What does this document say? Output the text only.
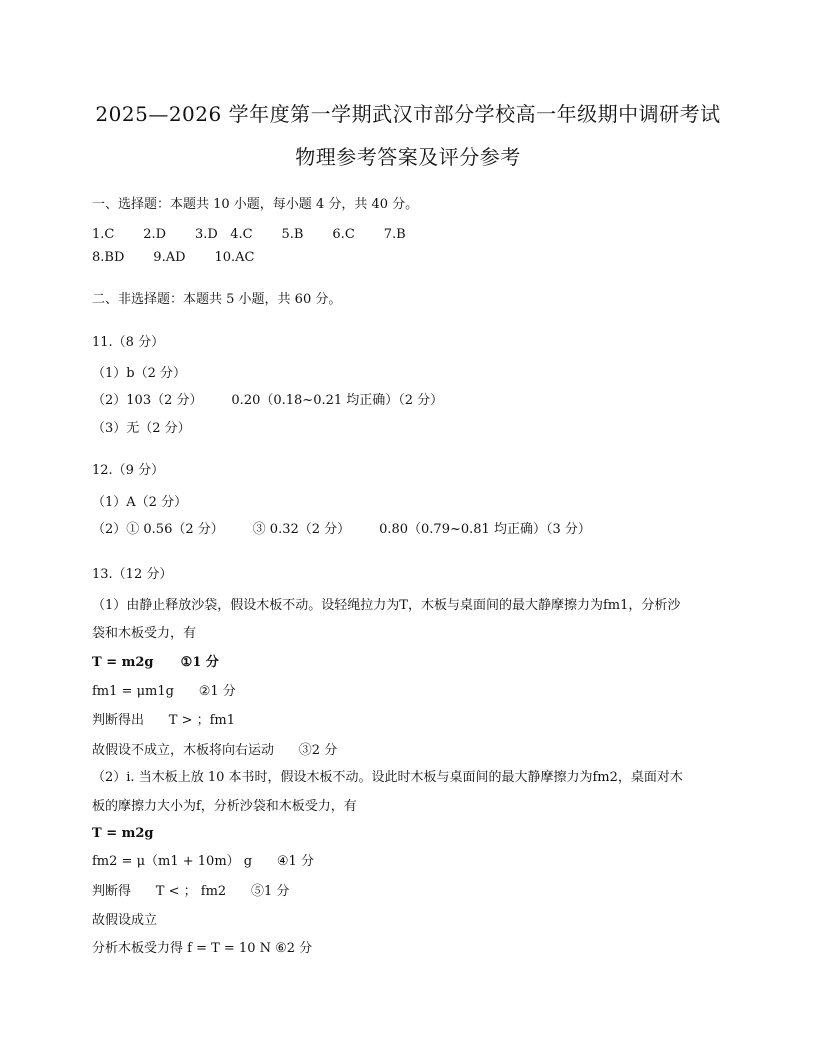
2025—2026 学年度第一学期武汉市部分学校高一年级期中调研考试
物理参考答案及评分参考
一、选择题：本题共 10 小题，每小题 4 分，共 40 分。
1.C       2.D       3.D   4.C       5.B       6.C       7.B
8.BD       9.AD       10.AC
二、非选择题：本题共 5 小题，共 60 分。
11.（8 分）
（1）b（2 分）
（2）103（2 分）       0.20（0.18~0.21 均正确）（2 分）
（3）无（2 分）
12.（9 分）
（1）A（2 分）
（2）① 0.56（2 分）       ③ 0.32（2 分）       0.80（0.79~0.81 均正确）（3 分）
13.（12 分）
（1）由静止释放沙袋，假设木板不动。设轻绳拉力为T，木板与桌面间的最大静摩擦力为fm1，分析沙
袋和木板受力，有
T = m2g      ①1 分
fm1 = μm1g      ②1 分
判断得出      T > ；fm1
故假设不成立，木板将向右运动      ③2 分
（2）i. 当木板上放 10 本书时，假设木板不动。设此时木板与桌面间的最大静摩擦力为fm2，桌面对木
板的摩擦力大小为f，分析沙袋和木板受力，有
T = m2g
fm2 = μ（m1 + 10m） g      ④1 分
判断得      T < ； fm2      ⑤1 分
故假设成立
分析木板受力得 f = T = 10 N ⑥2 分
